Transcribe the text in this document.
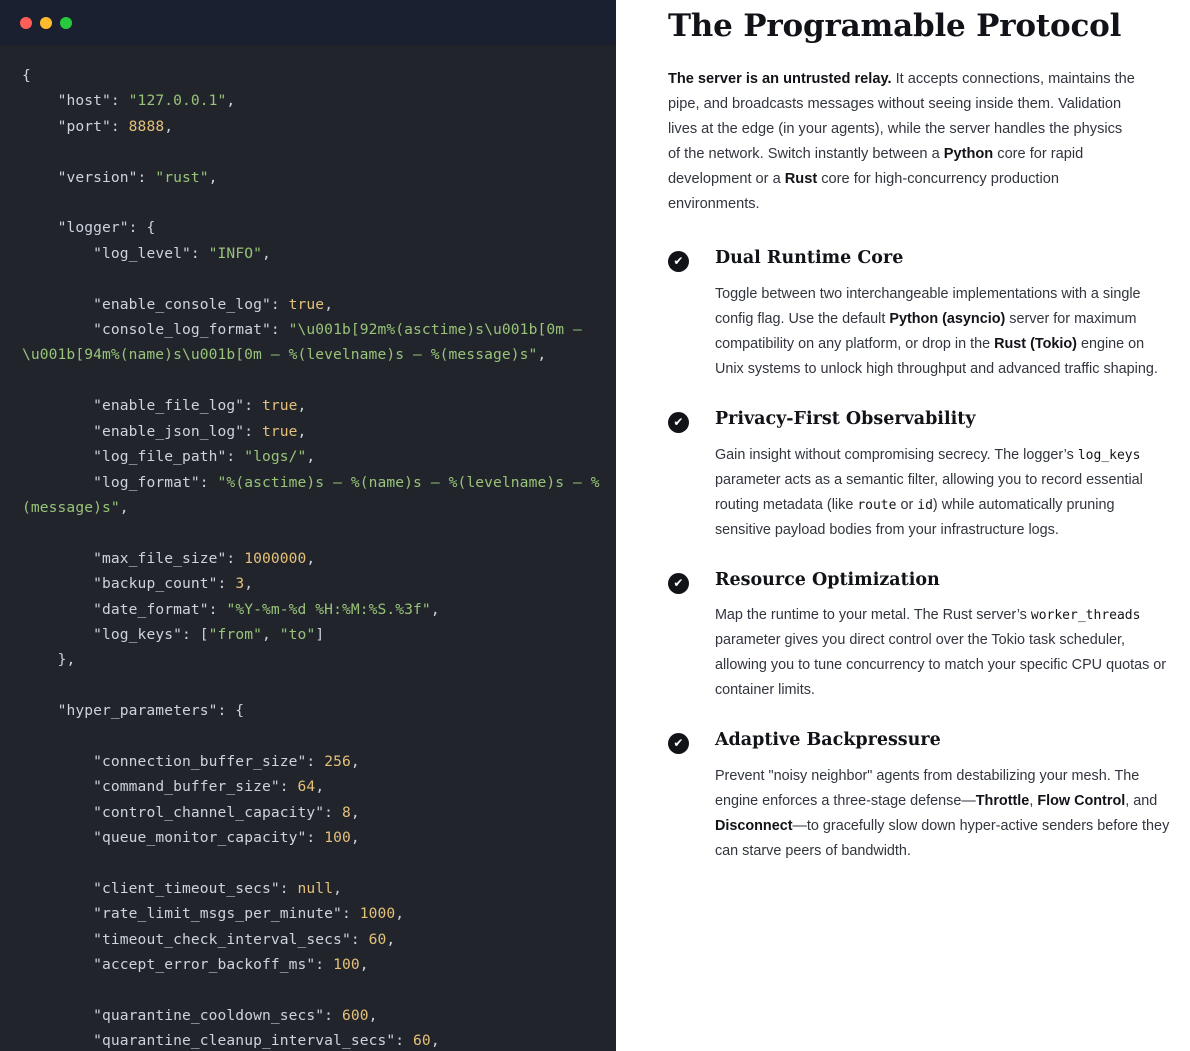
{
"host": "127.0.0.1",
"port": 8888,

"version": "rust",

"logger": {
"log_level": "INFO",

"enable_console_log": true,
"console_log_format": "\u001b[92m%(asctime)s\u001b[0m — \u001b[94m%(name)s\u001b[0m — %(levelname)s — %(message)s",

"enable_file_log": true,
"enable_json_log": true,
"log_file_path": "logs/",
"log_format": "%(asctime)s — %(name)s — %(levelname)s — %(message)s",

"max_file_size": 1000000,
"backup_count": 3,
"date_format": "%Y-%m-%d %H:%M:%S.%3f",
"log_keys": ["from", "to"]
},

"hyper_parameters": {

"connection_buffer_size": 256,
"command_buffer_size": 64,
"control_channel_capacity": 8,
"queue_monitor_capacity": 100,

"client_timeout_secs": null,
"rate_limit_msgs_per_minute": 1000,
"timeout_check_interval_secs": 60,
"accept_error_backoff_ms": 100,

"quarantine_cooldown_secs": 600,
"quarantine_cleanup_interval_secs": 60,
The Programable Protocol

The server is an untrusted relay. It accepts connections, maintains the pipe, and broadcasts messages without seeing inside them. Validation lives at the edge (in your agents), while the server handles the physics of the network. Switch instantly between a Python core for rapid development or a Rust core for high-concurrency production environments.

✔	Dual Runtime Core

Toggle between two interchangeable implementations with a single config flag. Use the default Python (asyncio) server for maximum compatibility on any platform, or drop in the Rust (Tokio) engine on Unix systems to unlock high throughput and advanced traffic shaping.

✔	Privacy-First Observability

Gain insight without compromising secrecy. The logger’s log_keys parameter acts as a semantic filter, allowing you to record essential routing metadata (like route or id) while automatically pruning sensitive payload bodies from your infrastructure logs.

✔	Resource Optimization

Map the runtime to your metal. The Rust server’s worker_threads parameter gives you direct control over the Tokio task scheduler, allowing you to tune concurrency to match your specific CPU quotas or container limits.

✔	Adaptive Backpressure

Prevent "noisy neighbor" agents from destabilizing your mesh. The engine enforces a three-stage defense—Throttle, Flow Control, and Disconnect—to gracefully slow down hyper-active senders before they can starve peers of bandwidth.
